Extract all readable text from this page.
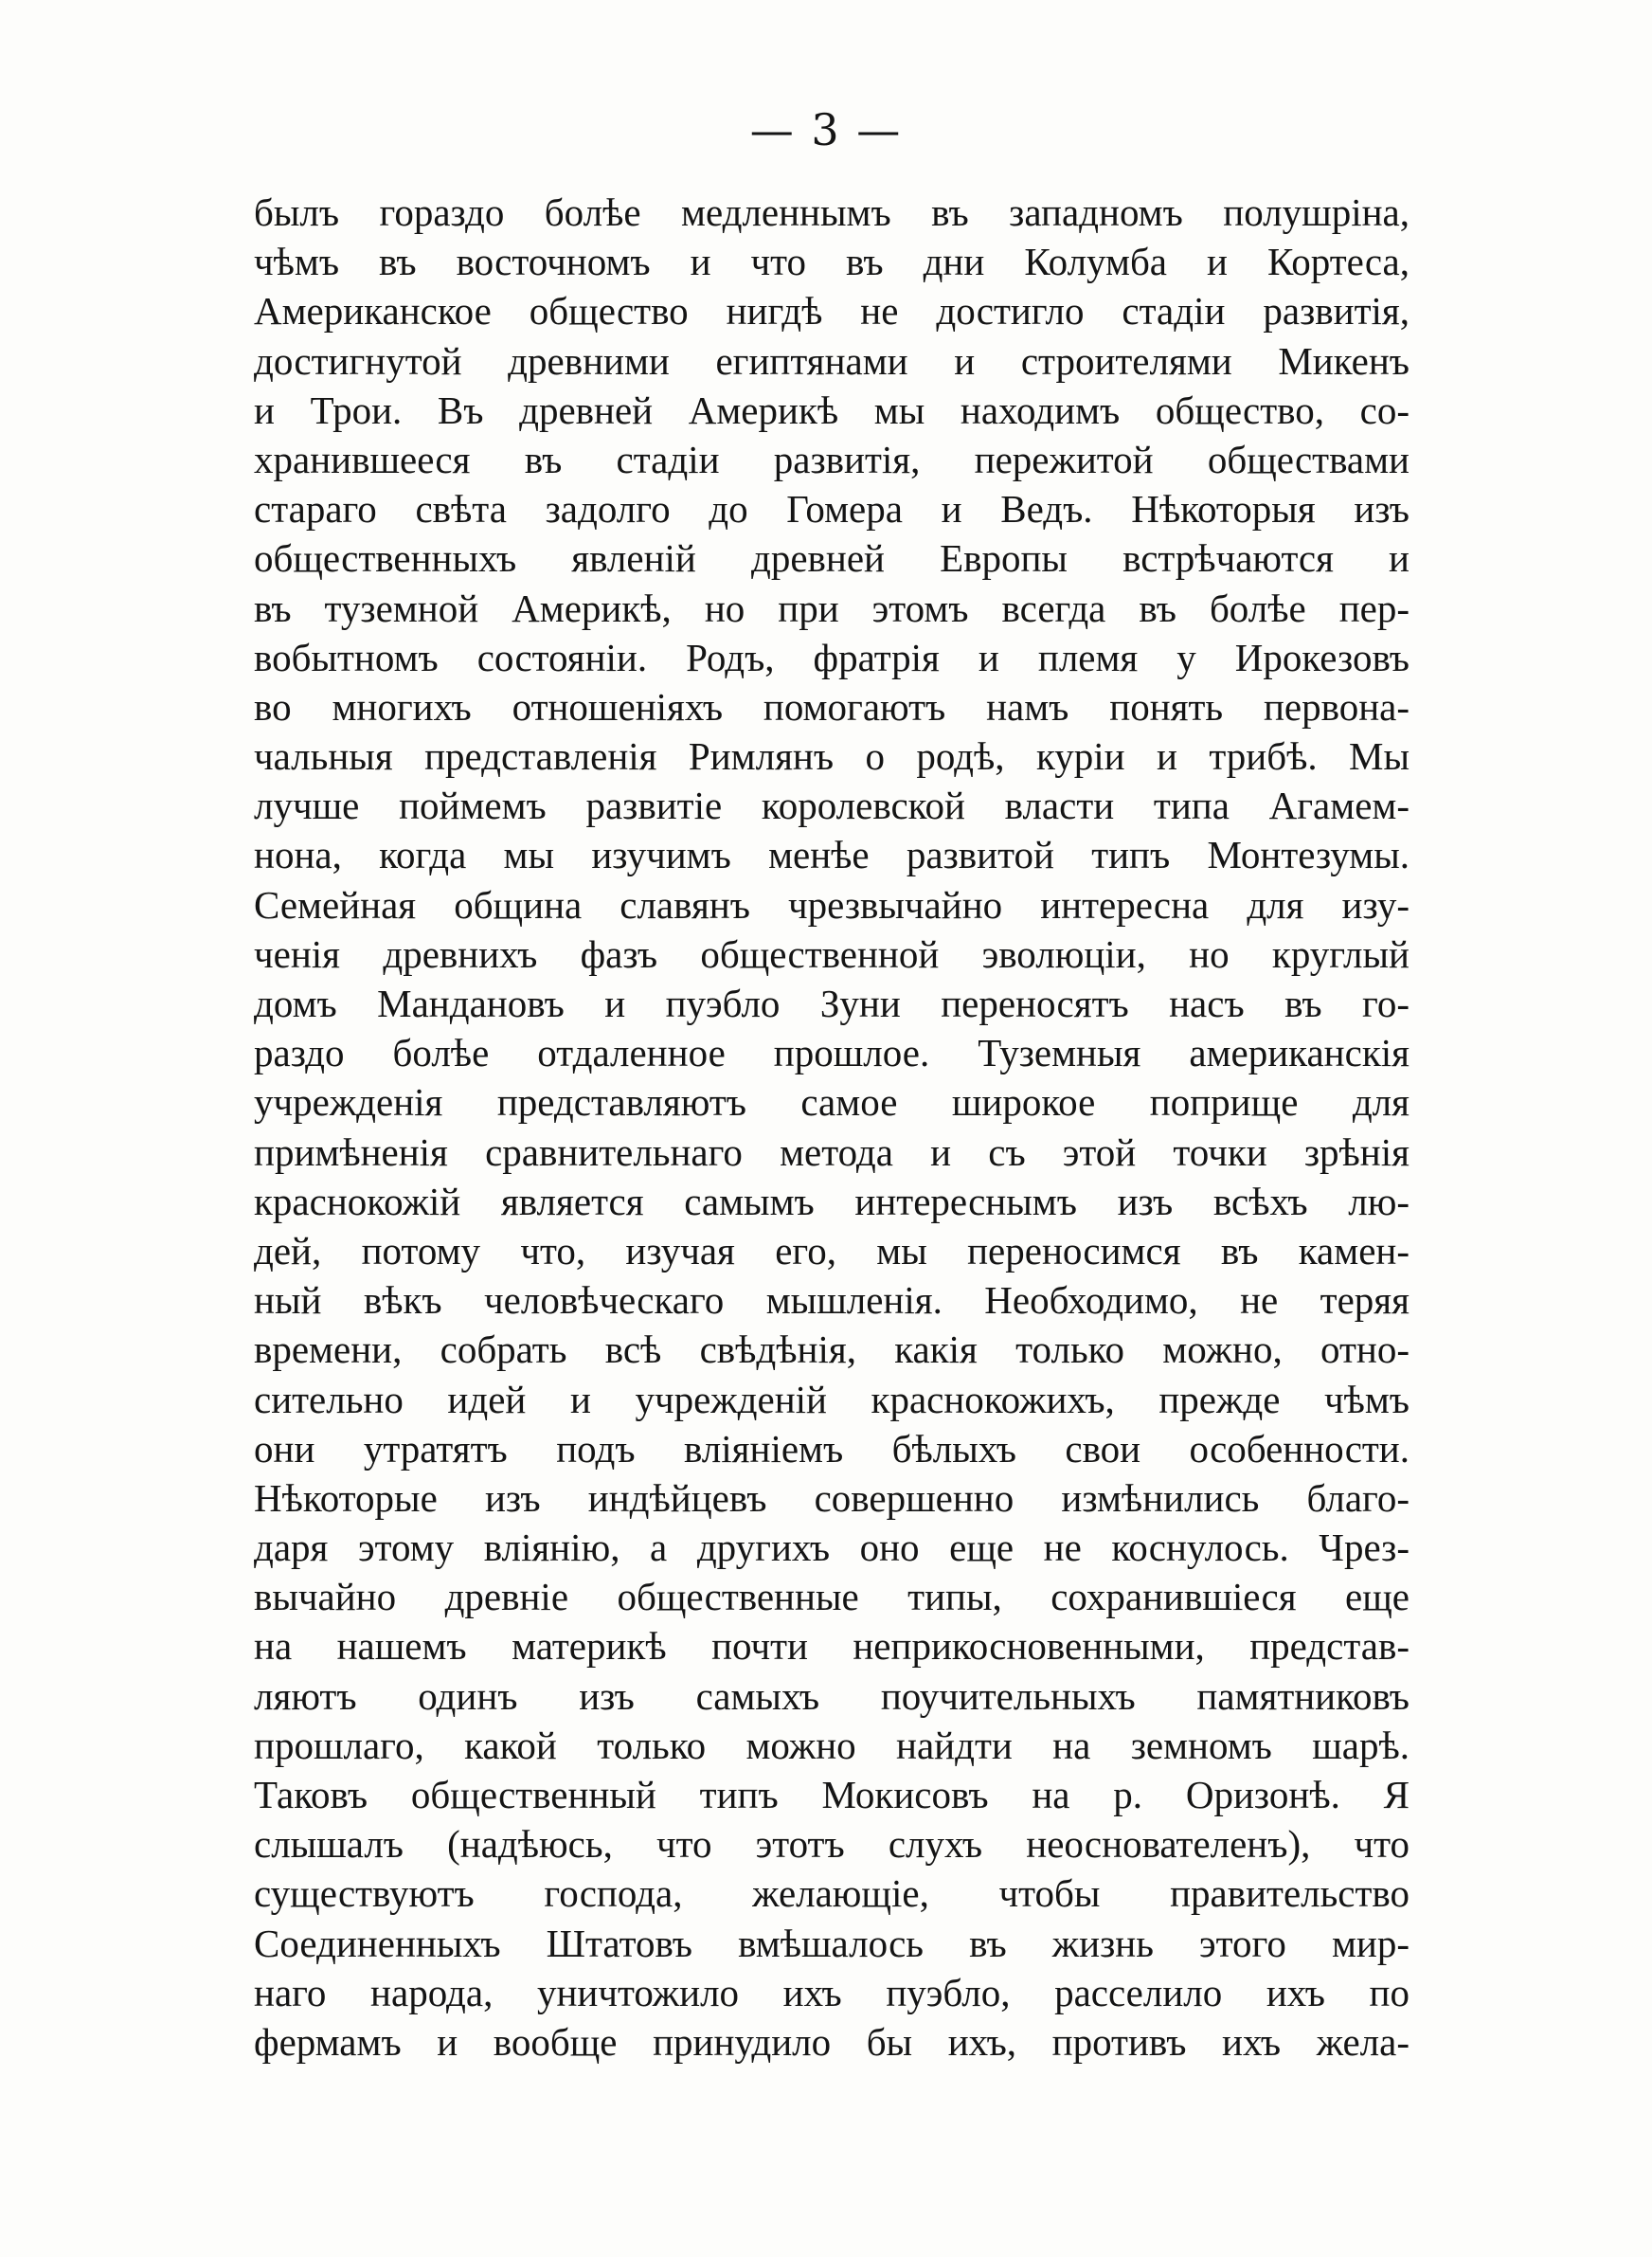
— 3 —
былъ гораздо болѣе медленнымъ въ западномъ полушріна,
чѣмъ въ восточномъ и что въ дни Колумба и Кортеса,
Американское общество нигдѣ не достигло стадіи развитія,
достигнутой древними египтянами и строителями Микенъ
и Трои. Въ древней Америкѣ мы находимъ общество, со-
хранившееся въ стадіи развитія, пережитой обществами
стараго свѣта задолго до Гомера и Ведъ. Нѣкоторыя изъ
общественныхъ явленій древней Европы встрѣчаются и
въ туземной Америкѣ, но при этомъ всегда въ болѣе пер-
вобытномъ состояніи. Родъ, фратрія и племя у Ирокезовъ
во многихъ отношеніяхъ помогаютъ намъ понять первона-
чальныя представленія Римлянъ о родѣ, куріи и трибѣ. Мы
лучше поймемъ развитіе королевской власти типа Агамем-
нона, когда мы изучимъ менѣе развитой типъ Монтезумы.
Семейная община славянъ чрезвычайно интересна для изу-
ченія древнихъ фазъ общественной эволюціи, но круглый
домъ Мандановъ и пуэбло Зуни переносятъ насъ въ го-
раздо болѣе отдаленное прошлое. Туземныя американскія
учрежденія представляютъ самое широкое поприще для
примѣненія сравнительнаго метода и съ этой точки зрѣнія
краснокожій является самымъ интереснымъ изъ всѣхъ лю-
дей, потому что, изучая его, мы переносимся въ камен-
ный вѣкъ человѣческаго мышленія. Необходимо, не теряя
времени, собрать всѣ свѣдѣнія, какія только можно, отно-
сительно идей и учрежденій краснокожихъ, прежде чѣмъ
они утратятъ подъ вліяніемъ бѣлыхъ свои особенности.
Нѣкоторые изъ индѣйцевъ совершенно измѣнились благо-
даря этому вліянію, а другихъ оно еще не коснулось. Чрез-
вычайно древніе общественные типы, сохранившіеся еще
на нашемъ материкѣ почти неприкосновенными, представ-
ляютъ одинъ изъ самыхъ поучительныхъ памятниковъ
прошлаго, какой только можно найдти на земномъ шарѣ.
Таковъ общественный типъ Мокисовъ на р. Оризонѣ. Я
слышалъ (надѣюсь, что этотъ слухъ неоснователенъ), что
существуютъ господа, желающіе, чтобы правительство
Соединенныхъ Штатовъ вмѣшалось въ жизнь этого мир-
наго народа, уничтожило ихъ пуэбло, расселило ихъ по
фермамъ и вообще принудило бы ихъ, противъ ихъ жела-
